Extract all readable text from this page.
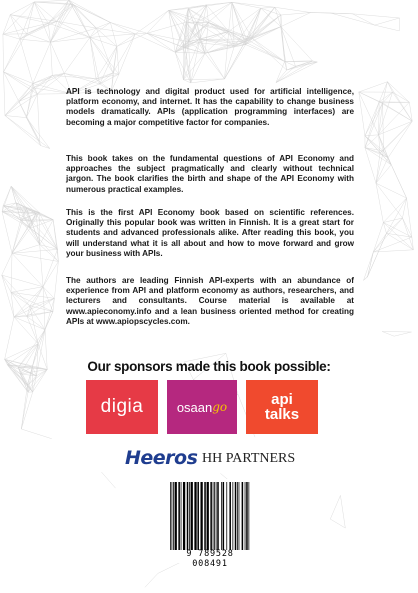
API is technology and digital product used for artificial intelligence, platform economy, and internet. It has the capability to change business models dramatically. APIs (application programming interfaces) are becoming a major competitive factor for companies.

This book takes on the fundamental questions of API Economy and approaches the subject pragmatically and clearly without technical jargon. The book clarifies the birth and shape of the API Economy with numerous practical examples.

This is the first API Economy book based on scientific references. Originally this popular book was written in Finnish. It is a great start for students and advanced professionals alike. After reading this book, you will understand what it is all about and how to move forward and grow your business with APIs.

The authors are leading Finnish API-experts with an abundance of experience from API and platform economy as authors, researchers, and lecturers and consultants. Course material is available at www.apieconomy.info and a lean business oriented method for creating APIs at www.apiopscycles.com.

Our sponsors made this book possible:
digia	osaan go	api
talks
Heeros HH PARTNERS
9 789528 008491
